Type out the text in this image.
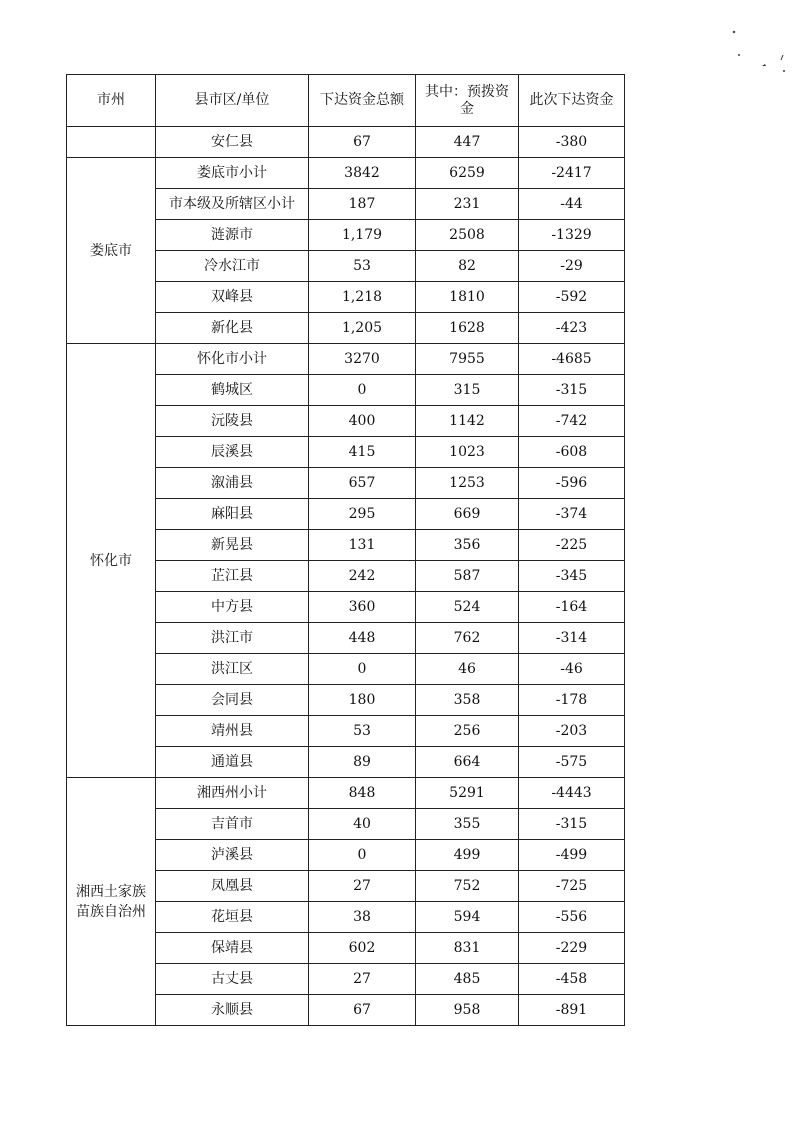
市州	县市区/单位	下达资金总额	其中：预拨资金	此次下达资金
	安仁县	67	447	-380
娄底市	娄底市小计	3842	6259	-2417
	市本级及所辖区小计	187	231	-44
	涟源市	1,179	2508	-1329
	冷水江市	53	82	-29
	双峰县	1,218	1810	-592
	新化县	1,205	1628	-423
怀化市	怀化市小计	3270	7955	-4685
	鹤城区	0	315	-315
	沅陵县	400	1142	-742
	辰溪县	415	1023	-608
	溆浦县	657	1253	-596
	麻阳县	295	669	-374
	新晃县	131	356	-225
	芷江县	242	587	-345
	中方县	360	524	-164
	洪江市	448	762	-314
	洪江区	0	46	-46
	会同县	180	358	-178
	靖州县	53	256	-203
	通道县	89	664	-575
湘西土家族苗族自治州	湘西州小计	848	5291	-4443
	吉首市	40	355	-315
	泸溪县	0	499	-499
	凤凰县	27	752	-725
	花垣县	38	594	-556
	保靖县	602	831	-229
	古丈县	27	485	-458
	永顺县	67	958	-891
